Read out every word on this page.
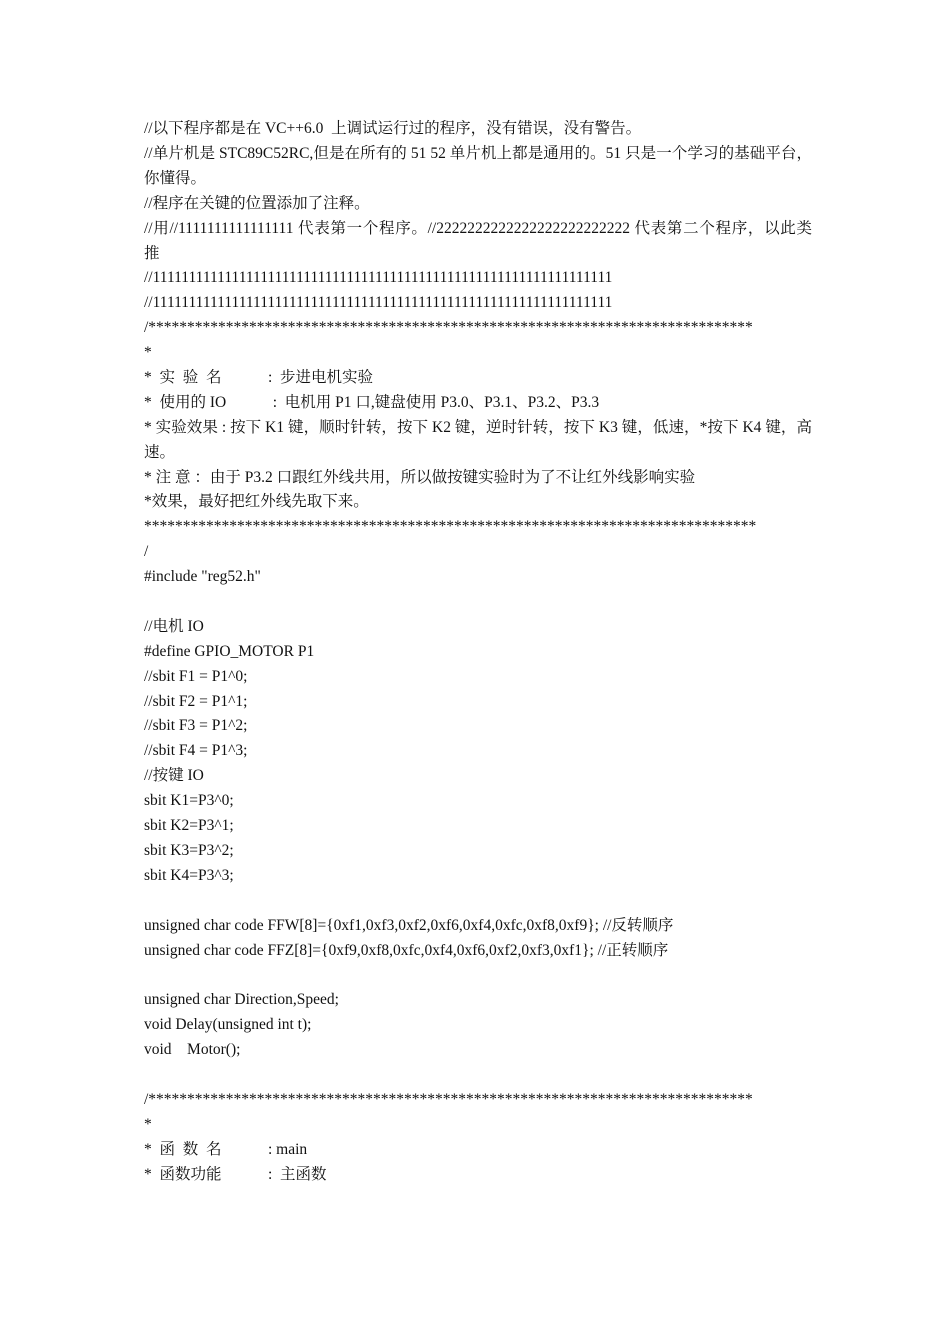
//以下程序都是在 VC++6.0  上调试运行过的程序，没有错误，没有警告。
//单片机是 STC89C52RC,但是在所有的 51 52 单片机上都是通用的。51 只是一个学习的基础平台，你懂得。
//程序在关键的位置添加了注释。
//用//1111111111111111 代表第一个程序。//2222222222222222222222222 代表第二个程序，以此类推
//1111111111111111111111111111111111111111111111111111111111111111
//1111111111111111111111111111111111111111111111111111111111111111
/******************************************************************************
*
*  实  验  名            :  步进电机实验
*  使用的 IO            :  电机用 P1 口,键盘使用 P3.0、P3.1、P3.2、P3.3
* 实验效果 : 按下 K1 键，顺时针转，按下 K2 键，逆时针转，按下 K3 键，低速，*按下 K4 键，高速。
* 注 意 ：由于 P3.2 口跟红外线共用，所以做按键实验时为了不让红外线影响实验
*效果，最好把红外线先取下来。
*******************************************************************************
/
#include "reg52.h"
//电机 IO
#define GPIO_MOTOR P1
//sbit F1 = P1^0;
//sbit F2 = P1^1;
//sbit F3 = P1^2;
//sbit F4 = P1^3;
//按键 IO
sbit K1=P3^0;
sbit K2=P3^1;
sbit K3=P3^2;
sbit K4=P3^3;
unsigned char code FFW[8]={0xf1,0xf3,0xf2,0xf6,0xf4,0xfc,0xf8,0xf9}; //反转顺序
unsigned char code FFZ[8]={0xf9,0xf8,0xfc,0xf4,0xf6,0xf2,0xf3,0xf1}; //正转顺序
unsigned char Direction,Speed;
void Delay(unsigned int t);
void    Motor();
/******************************************************************************
*
*  函  数  名            : main
*  函数功能            :  主函数
